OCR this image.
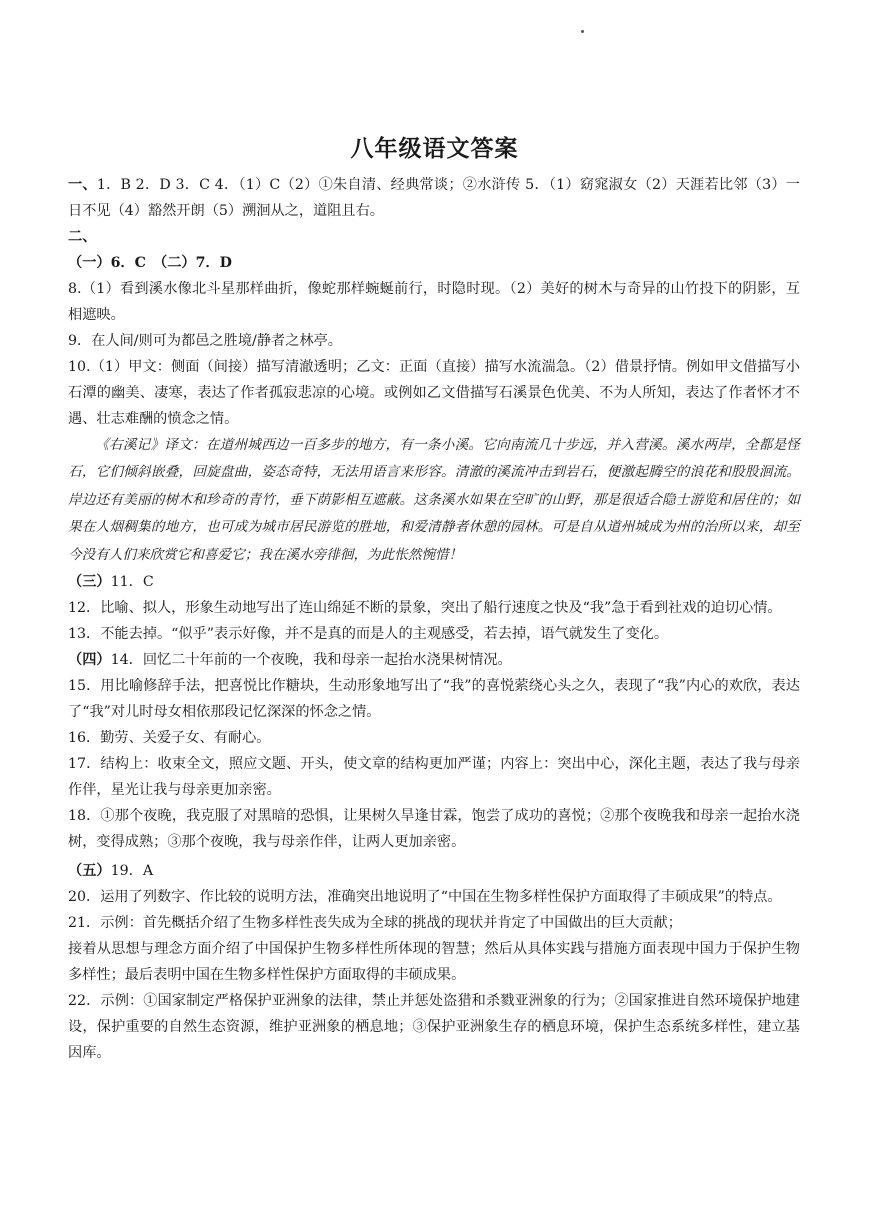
八年级语文答案

一、1．B 2．D 3．C 4．（1）C（2）①朱自清、经典常谈；②水浒传 5．（1）窈窕淑女（2）天涯若比邻（3）一日不见（4）豁然开朗（5）溯洄从之，道阻且右。

二、

（一）6．C　（二）7．D

8.（1）看到溪水像北斗星那样曲折，像蛇那样蜿蜒前行，时隐时现。（2）美好的树木与奇异的山竹投下的阴影，互相遮映。

9．在人间/则可为都邑之胜境/静者之林亭。

10.（1）甲文：侧面（间接）描写清澈透明；乙文：正面（直接）描写水流湍急。（2）借景抒情。例如甲文借描写小石潭的幽美、凄寒，表达了作者孤寂悲凉的心境。或例如乙文借描写石溪景色优美、不为人所知，表达了作者怀才不遇、壮志难酬的愤念之情。

《右溪记》译文：在道州城西边一百多步的地方，有一条小溪。它向南流几十步远，并入营溪。溪水两岸，全都是怪石，它们倾斜嵌叠，回旋盘曲，姿态奇特，无法用语言来形容。清澈的溪流冲击到岩石，便激起腾空的浪花和股股洄流。岸边还有美丽的树木和珍奇的青竹，垂下荫影相互遮蔽。这条溪水如果在空旷的山野，那是很适合隐士游览和居住的；如果在人烟稠集的地方，也可成为城市居民游览的胜地，和爱清静者休憩的园林。可是自从道州城成为州的治所以来，却至今没有人们来欣赏它和喜爱它；我在溪水旁徘徊，为此怅然惋惜！

（三）11．C

12．比喻、拟人，形象生动地写出了连山绵延不断的景象，突出了船行速度之快及“我”急于看到社戏的迫切心情。

13．不能去掉。“似乎”表示好像，并不是真的而是人的主观感受，若去掉，语气就发生了变化。

（四）14．回忆二十年前的一个夜晚，我和母亲一起抬水浇果树情况。

15．用比喻修辞手法，把喜悦比作糖块，生动形象地写出了“我”的喜悦萦绕心头之久，表现了“我”内心的欢欣，表达了“我”对儿时母女相依那段记忆深深的怀念之情。

16．勤劳、关爱子女、有耐心。

17．结构上：收束全文，照应文题、开头，使文章的结构更加严谨；内容上：突出中心，深化主题，表达了我与母亲作伴，星光让我与母亲更加亲密。

18．①那个夜晚，我克服了对黑暗的恐惧，让果树久旱逢甘霖，饱尝了成功的喜悦；②那个夜晚我和母亲一起抬水浇树，变得成熟；③那个夜晚，我与母亲作伴，让两人更加亲密。

（五）19．A

20．运用了列数字、作比较的说明方法，准确突出地说明了“中国在生物多样性保护方面取得了丰硕成果”的特点。

21．示例：首先概括介绍了生物多样性丧失成为全球的挑战的现状并肯定了中国做出的巨大贡献；

接着从思想与理念方面介绍了中国保护生物多样性所体现的智慧；然后从具体实践与措施方面表现中国力于保护生物多样性；最后表明中国在生物多样性保护方面取得的丰硕成果。

22．示例：①国家制定严格保护亚洲象的法律，禁止并惩处盗猎和杀戮亚洲象的行为；②国家推进自然环境保护地建设，保护重要的自然生态资源，维护亚洲象的栖息地；③保护亚洲象生存的栖息环境，保护生态系统多样性，建立基因库。
